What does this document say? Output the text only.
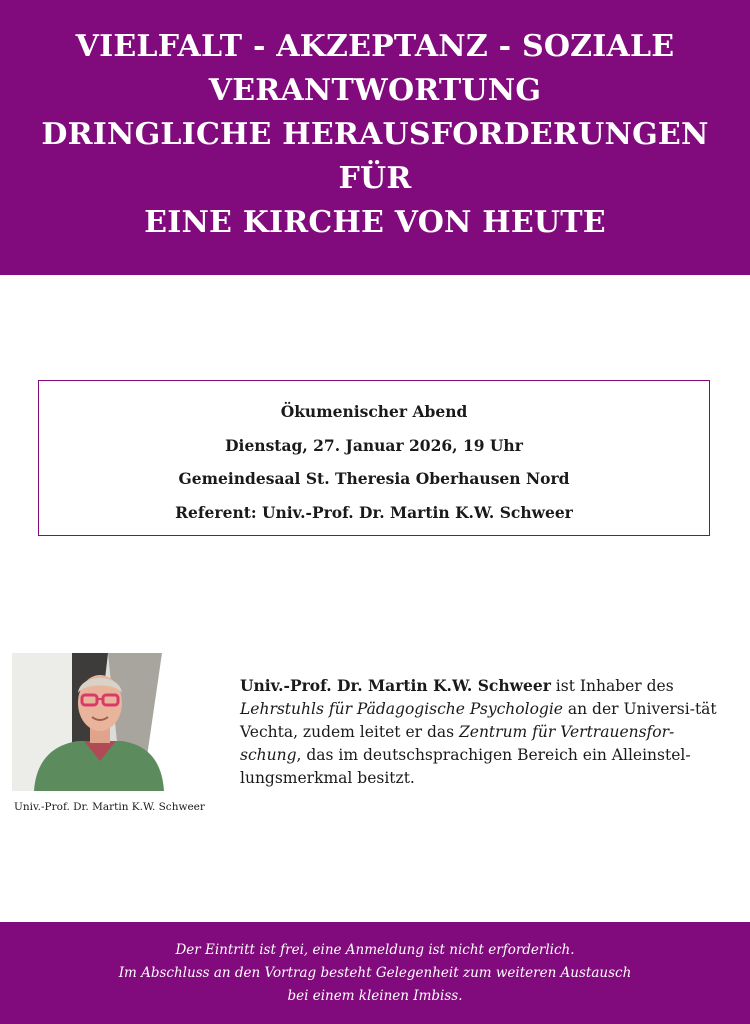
VIELFALT - AKZEPTANZ - SOZIALE
VERANTWORTUNG
DRINGLICHE HERAUSFORDERUNGEN FÜR
EINE KIRCHE VON HEUTE
Ökumenischer Abend
Dienstag, 27. Januar 2026, 19 Uhr
Gemeindesaal St. Theresia Oberhausen Nord
Referent: Univ.-Prof. Dr. Martin K.W. Schweer
Univ.-Prof. Dr. Martin K.W. Schweer

Univ.-Prof. Dr. Martin K.W. Schweer ist Inhaber des Lehrstuhls für Pädagogische Psychologie an der Universi-tät Vechta, zudem leitet er das Zentrum für Vertrauensfor-schung, das im deutschsprachigen Bereich ein Alleinstel-lungsmerkmal besitzt.

Der Eintritt ist frei, eine Anmeldung ist nicht erforderlich.
Im Abschluss an den Vortrag besteht Gelegenheit zum weiteren Austausch
bei einem kleinen Imbiss.
